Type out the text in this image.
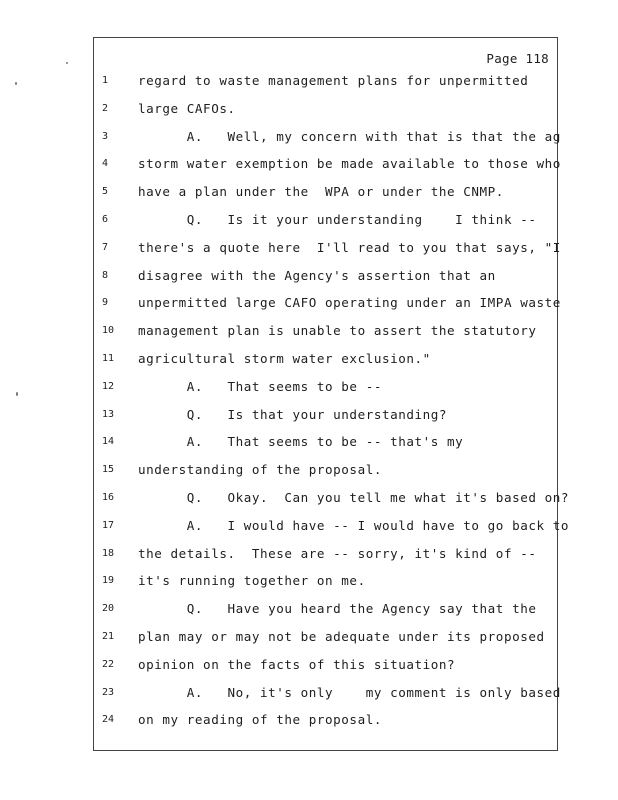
Page 118
1	regard to waste management plans for unpermitted
2	large CAFOs.
3	A.   Well, my concern with that is that the ag
4	storm water exemption be made available to those who
5	have a plan under the  WPA or under the CNMP.
6	Q.   Is it your understanding    I think --
7	there's a quote here  I'll read to you that says, "I
8	disagree with the Agency's assertion that an
9	unpermitted large CAFO operating under an IMPA waste
10	management plan is unable to assert the statutory
11	agricultural storm water exclusion."
12	A.   That seems to be --
13	Q.   Is that your understanding?
14	A.   That seems to be -- that's my
15	understanding of the proposal.
16	Q.   Okay.  Can you tell me what it's based on?
17	A.   I would have -- I would have to go back to
18	the details.  These are -- sorry, it's kind of --
19	it's running together on me.
20	Q.   Have you heard the Agency say that the
21	plan may or may not be adequate under its proposed
22	opinion on the facts of this situation?
23	A.   No, it's only    my comment is only based
24	on my reading of the proposal.
